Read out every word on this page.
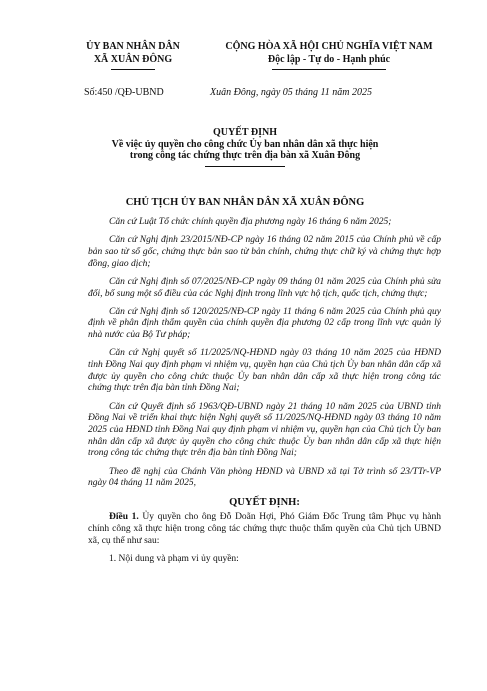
ỦY BAN NHÂN DÂN
XÃ XUÂN ĐÔNG
CỘNG HÒA XÃ HỘI CHỦ NGHĨA VIỆT NAM
Độc lập - Tự do - Hạnh phúc
Số:450 /QĐ-UBND	Xuân Đông, ngày 05 tháng 11 năm 2025
QUYẾT ĐỊNH
Về việc ủy quyền cho công chức Ủy ban nhân dân xã thực hiện
trong công tác chứng thực trên địa bàn xã Xuân Đông
CHỦ TỊCH ỦY BAN NHÂN DÂN XÃ XUÂN ĐÔNG

Căn cứ Luật Tổ chức chính quyền địa phương ngày 16 tháng 6 năm 2025;

Căn cứ Nghị định 23/2015/NĐ-CP ngày 16 tháng 02 năm 2015 của Chính phủ về cấp bản sao từ sổ gốc, chứng thực bản sao từ bản chính, chứng thực chữ ký và chứng thực hợp đồng, giao dịch;

Căn cứ Nghị định số 07/2025/NĐ-CP ngày 09 tháng 01 năm 2025 của Chính phủ sửa đổi, bổ sung một số điều của các Nghị định trong lĩnh vực hộ tịch, quốc tịch, chứng thực;

Căn cứ Nghị định số 120/2025/NĐ-CP ngày 11 tháng 6 năm 2025 của Chính phủ quy định về phân định thẩm quyền của chính quyền địa phương 02 cấp trong lĩnh vực quản lý nhà nước của Bộ Tư pháp;

Căn cứ Nghị quyết số 11/2025/NQ-HĐND ngày 03 tháng 10 năm 2025 của HĐND tỉnh Đồng Nai quy định phạm vi nhiệm vụ, quyền hạn của Chủ tịch Ủy ban nhân dân cấp xã được ủy quyền cho công chức thuộc Ủy ban nhân dân cấp xã thực hiện trong công tác chứng thực trên địa bàn tỉnh Đồng Nai;

Căn cứ Quyết định số 1963/QĐ-UBND ngày 21 tháng 10 năm 2025 của UBND tỉnh Đồng Nai về triển khai thực hiện Nghị quyết số 11/2025/NQ-HĐND ngày 03 tháng 10 năm 2025 của HĐND tỉnh Đồng Nai quy định phạm vi nhiệm vụ, quyền hạn của Chủ tịch Ủy ban nhân dân cấp xã được ủy quyền cho công chức thuộc Ủy ban nhân dân cấp xã thực hiện trong công tác chứng thực trên địa bàn tỉnh Đồng Nai;

Theo đề nghị của Chánh Văn phòng HĐND và UBND xã tại Tờ trình số 23/TTr-VP ngày 04 tháng 11 năm 2025,

QUYẾT ĐỊNH:

Điều 1. Ủy quyền cho ông Đỗ Doãn Hợi, Phó Giám Đốc Trung tâm Phục vụ hành chính công xã thực hiện trong công tác chứng thực thuộc thẩm quyền của Chủ tịch UBND xã, cụ thể như sau:

1. Nội dung và phạm vi ủy quyền:
